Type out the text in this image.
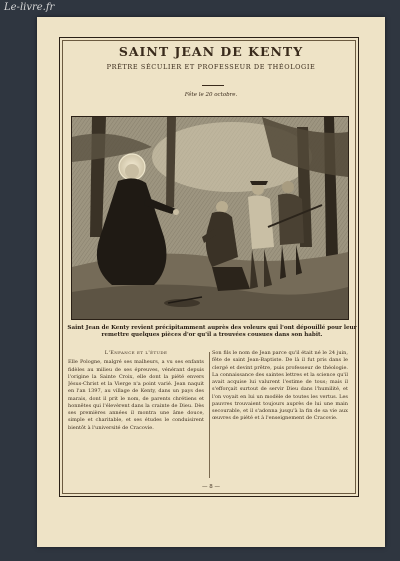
Le-livre.fr
SAINT JEAN DE KENTY
PRÊTRE SÉCULIER ET PROFESSEUR DE THÉOLOGIE
Fête le 20 octobre.
Saint Jean de Kenty revient précipitamment auprès des voleurs qui l'ont dépouillé pour leur remettre quelques pièces d'or qu'il a trouvées cousues dans son habit.
L'Enfance et l'étude
Elle Pologne, malgré ses malheurs, a vu ses enfants fidèles au milieu de ses épreuves, vénérant depuis l'origine la Sainte Croix, elle dont la piété envers Jésus-Christ et la Vierge n'a point varié. Jean naquit en l'an 1397, au village de Kenty, dans un pays des marais, dont il prit le nom, de parents chrétiens et honnêtes qui l'élevèrent dans la crainte de Dieu. Dès ses premières années il montra une âme douce, simple et charitable, et ses études le conduisirent bientôt à l'université de Cracovie.
Son fils le nom de Jean parce qu'il était né le 24 juin, fête de saint Jean-Baptiste. De là il fut pris dans le clergé et devint prêtre, puis professeur de théologie. La connaissance des saintes lettres et la science qu'il avait acquise lui valurent l'estime de tous; mais il s'efforçait surtout de servir Dieu dans l'humilité, et l'on voyait en lui un modèle de toutes les vertus. Les pauvres trouvaient toujours auprès de lui une main secourable, et il s'adonna jusqu'à la fin de sa vie aux œuvres de piété et à l'enseignement de Cracovie.
— 8 —
